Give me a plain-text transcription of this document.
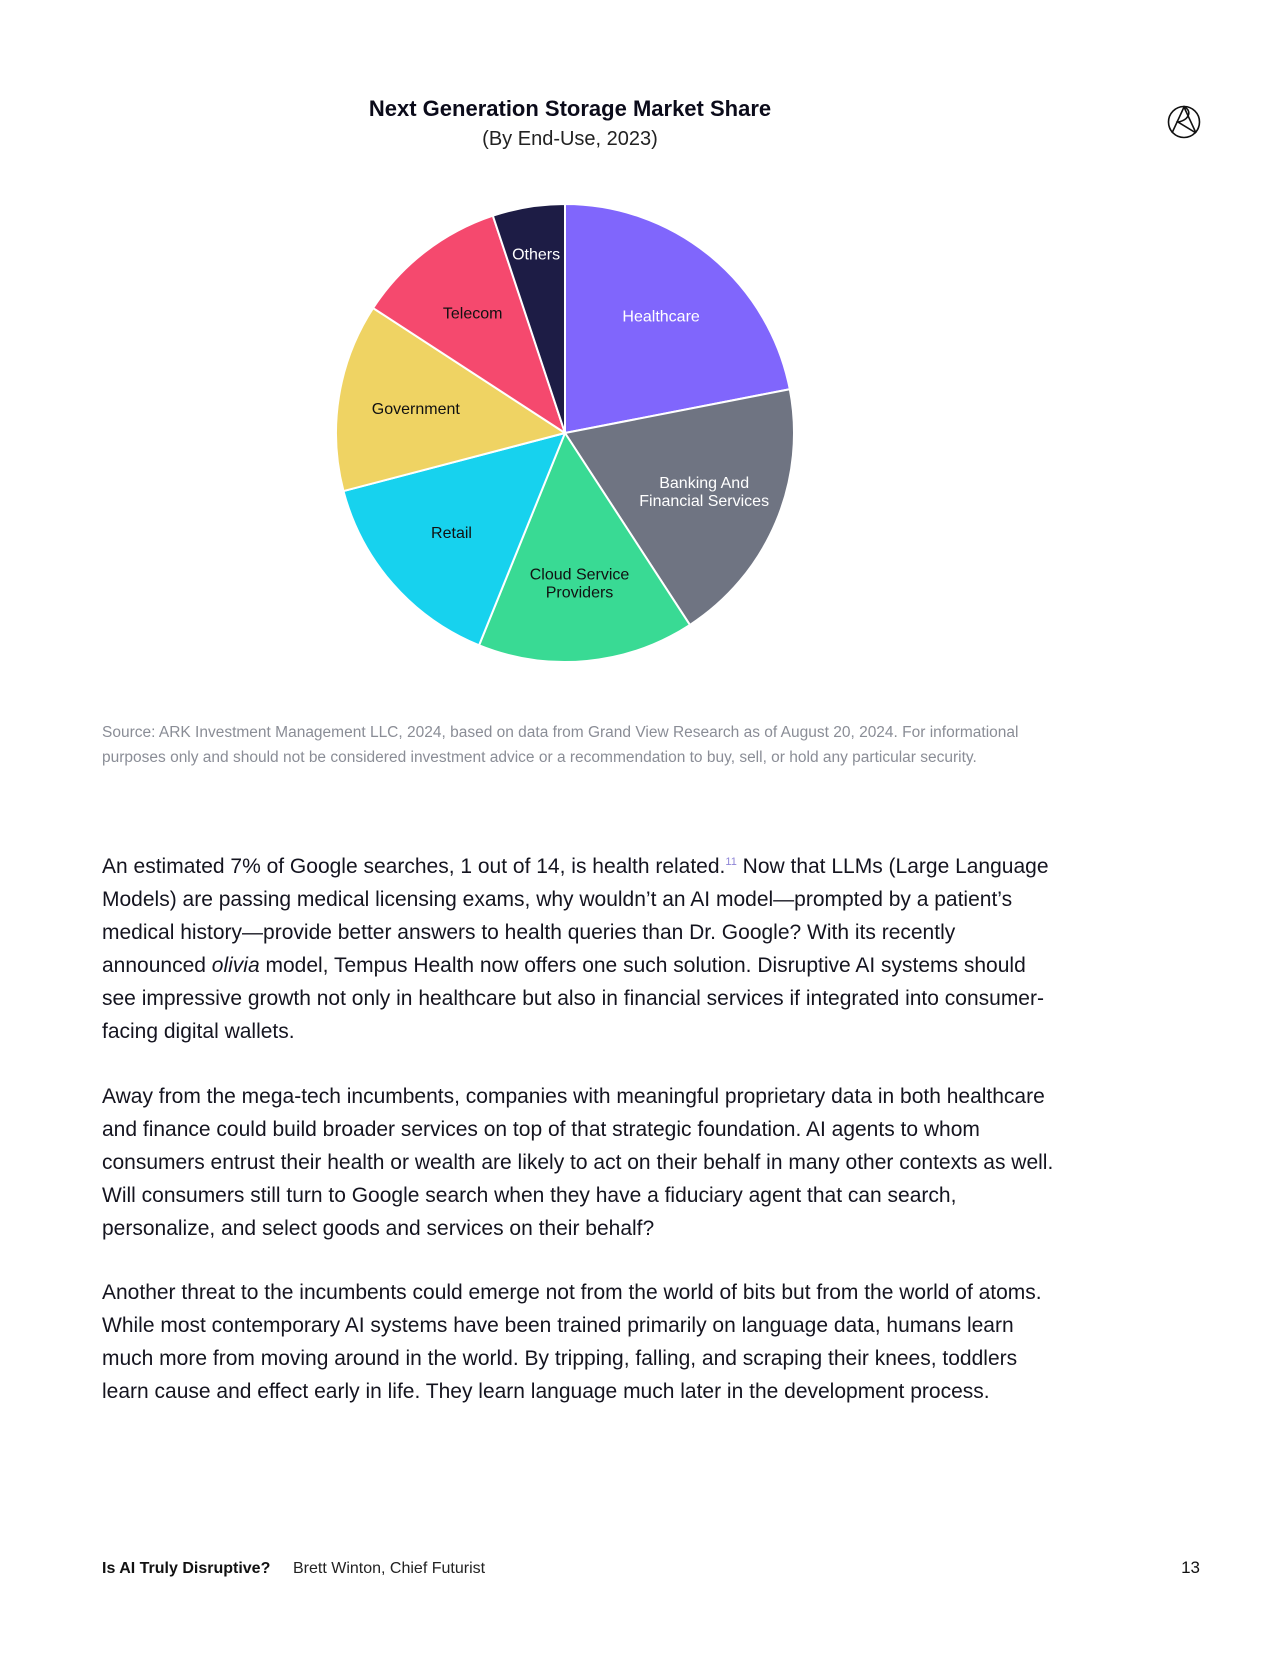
Next Generation Storage Market Share
(By End-Use, 2023)
Healthcare
Banking And Financial Services
Cloud Service Providers
Retail
Government
Telecom
Others
Source: ARK Investment Management LLC, 2024, based on data from Grand View Research as of August 20, 2024. For informational purposes only and should not be considered investment advice or a recommendation to buy, sell, or hold any particular security.

An estimated 7% of Google searches, 1 out of 14, is health related.$^{11}$ Now that LLMs (Large Language Models) are passing medical licensing exams, why wouldn’t an AI model—prompted by a patient’s medical history—provide better answers to health queries than Dr. Google? With its recently announced olivia model, Tempus Health now offers one such solution. Disruptive AI systems should see impressive growth not only in healthcare but also in financial services if integrated into consumer-facing digital wallets.

Away from the mega-tech incumbents, companies with meaningful proprietary data in both healthcare and finance could build broader services on top of that strategic foundation. AI agents to whom consumers entrust their health or wealth are likely to act on their behalf in many other contexts as well. Will consumers still turn to Google search when they have a fiduciary agent that can search, personalize, and select goods and services on their behalf?

Another threat to the incumbents could emerge not from the world of bits but from the world of atoms. While most contemporary AI systems have been trained primarily on language data, humans learn much more from moving around in the world. By tripping, falling, and scraping their knees, toddlers learn cause and effect early in life. They learn language much later in the development process.

Is AI Truly Disruptive? Brett Winton, Chief Futurist	13
